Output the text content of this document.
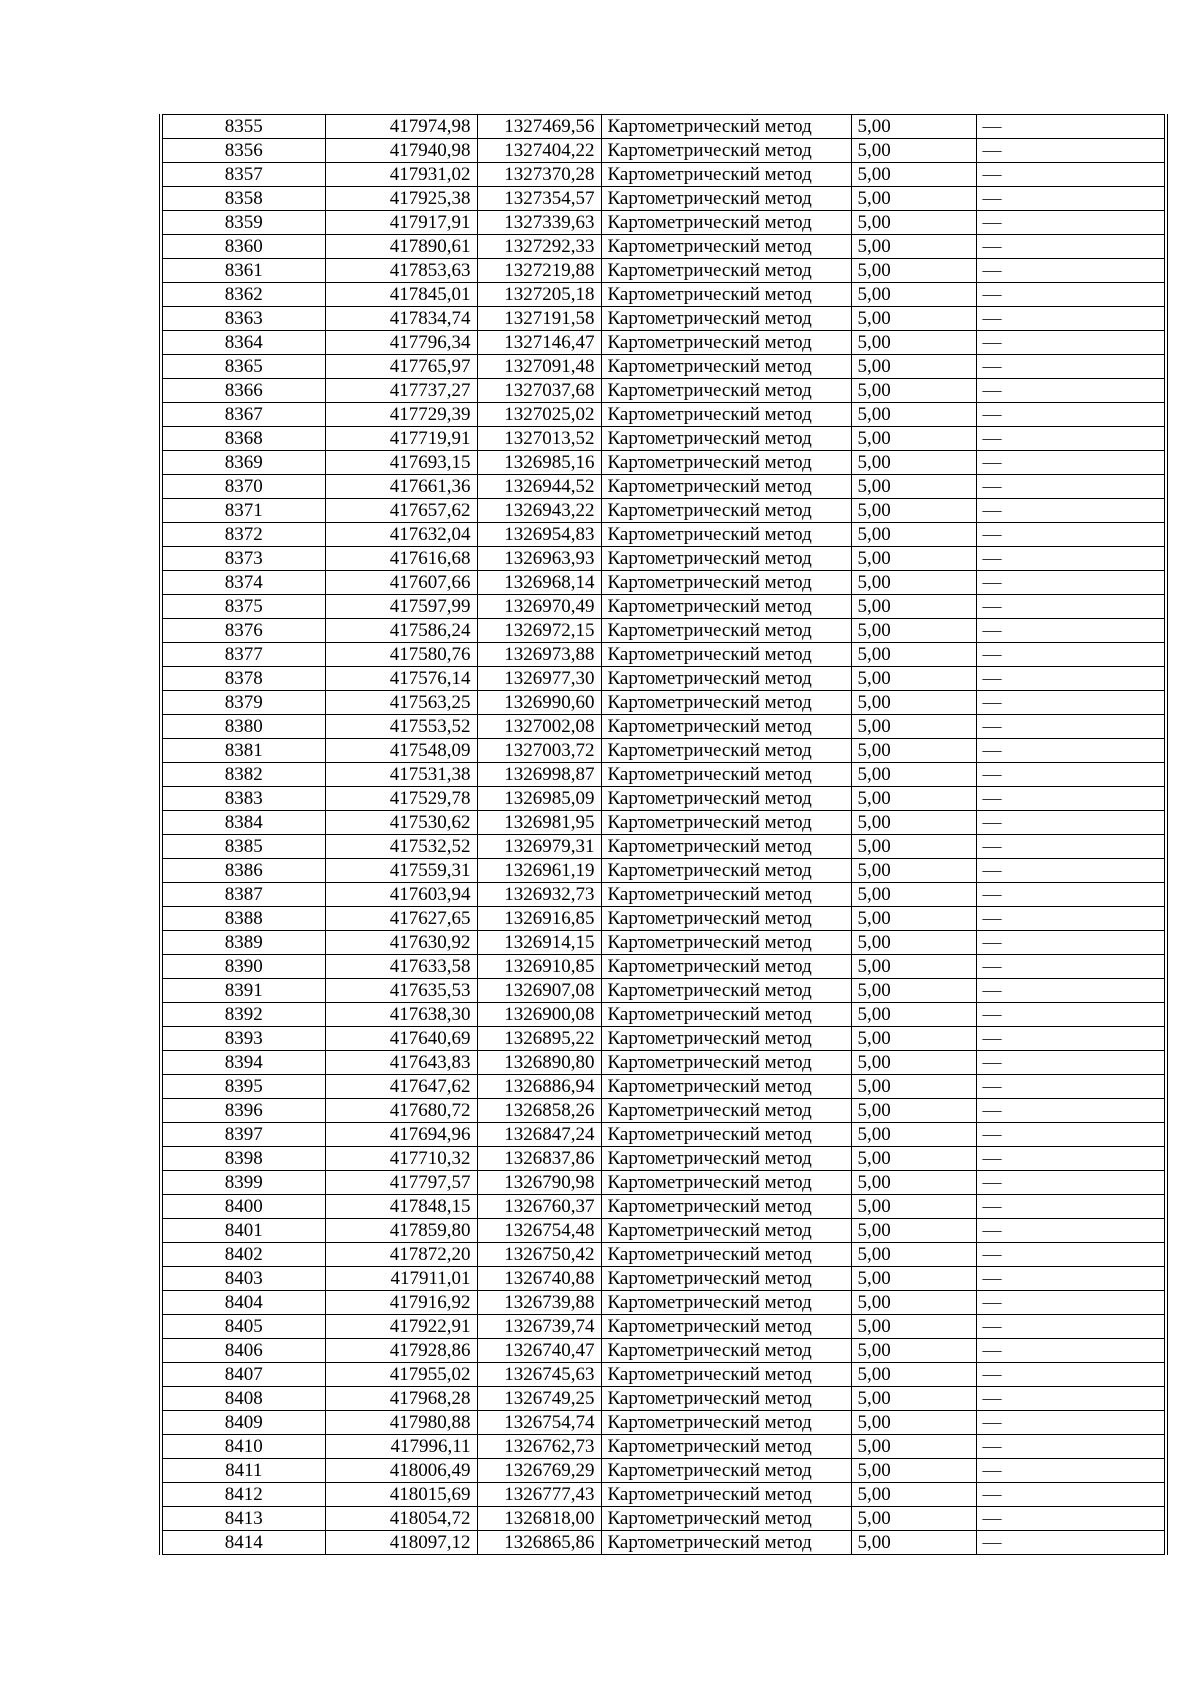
8355	417974,98	1327469,56	Картометрический метод	5,00	—
8356	417940,98	1327404,22	Картометрический метод	5,00	—
8357	417931,02	1327370,28	Картометрический метод	5,00	—
8358	417925,38	1327354,57	Картометрический метод	5,00	—
8359	417917,91	1327339,63	Картометрический метод	5,00	—
8360	417890,61	1327292,33	Картометрический метод	5,00	—
8361	417853,63	1327219,88	Картометрический метод	5,00	—
8362	417845,01	1327205,18	Картометрический метод	5,00	—
8363	417834,74	1327191,58	Картометрический метод	5,00	—
8364	417796,34	1327146,47	Картометрический метод	5,00	—
8365	417765,97	1327091,48	Картометрический метод	5,00	—
8366	417737,27	1327037,68	Картометрический метод	5,00	—
8367	417729,39	1327025,02	Картометрический метод	5,00	—
8368	417719,91	1327013,52	Картометрический метод	5,00	—
8369	417693,15	1326985,16	Картометрический метод	5,00	—
8370	417661,36	1326944,52	Картометрический метод	5,00	—
8371	417657,62	1326943,22	Картометрический метод	5,00	—
8372	417632,04	1326954,83	Картометрический метод	5,00	—
8373	417616,68	1326963,93	Картометрический метод	5,00	—
8374	417607,66	1326968,14	Картометрический метод	5,00	—
8375	417597,99	1326970,49	Картометрический метод	5,00	—
8376	417586,24	1326972,15	Картометрический метод	5,00	—
8377	417580,76	1326973,88	Картометрический метод	5,00	—
8378	417576,14	1326977,30	Картометрический метод	5,00	—
8379	417563,25	1326990,60	Картометрический метод	5,00	—
8380	417553,52	1327002,08	Картометрический метод	5,00	—
8381	417548,09	1327003,72	Картометрический метод	5,00	—
8382	417531,38	1326998,87	Картометрический метод	5,00	—
8383	417529,78	1326985,09	Картометрический метод	5,00	—
8384	417530,62	1326981,95	Картометрический метод	5,00	—
8385	417532,52	1326979,31	Картометрический метод	5,00	—
8386	417559,31	1326961,19	Картометрический метод	5,00	—
8387	417603,94	1326932,73	Картометрический метод	5,00	—
8388	417627,65	1326916,85	Картометрический метод	5,00	—
8389	417630,92	1326914,15	Картометрический метод	5,00	—
8390	417633,58	1326910,85	Картометрический метод	5,00	—
8391	417635,53	1326907,08	Картометрический метод	5,00	—
8392	417638,30	1326900,08	Картометрический метод	5,00	—
8393	417640,69	1326895,22	Картометрический метод	5,00	—
8394	417643,83	1326890,80	Картометрический метод	5,00	—
8395	417647,62	1326886,94	Картометрический метод	5,00	—
8396	417680,72	1326858,26	Картометрический метод	5,00	—
8397	417694,96	1326847,24	Картометрический метод	5,00	—
8398	417710,32	1326837,86	Картометрический метод	5,00	—
8399	417797,57	1326790,98	Картометрический метод	5,00	—
8400	417848,15	1326760,37	Картометрический метод	5,00	—
8401	417859,80	1326754,48	Картометрический метод	5,00	—
8402	417872,20	1326750,42	Картометрический метод	5,00	—
8403	417911,01	1326740,88	Картометрический метод	5,00	—
8404	417916,92	1326739,88	Картометрический метод	5,00	—
8405	417922,91	1326739,74	Картометрический метод	5,00	—
8406	417928,86	1326740,47	Картометрический метод	5,00	—
8407	417955,02	1326745,63	Картометрический метод	5,00	—
8408	417968,28	1326749,25	Картометрический метод	5,00	—
8409	417980,88	1326754,74	Картометрический метод	5,00	—
8410	417996,11	1326762,73	Картометрический метод	5,00	—
8411	418006,49	1326769,29	Картометрический метод	5,00	—
8412	418015,69	1326777,43	Картометрический метод	5,00	—
8413	418054,72	1326818,00	Картометрический метод	5,00	—
8414	418097,12	1326865,86	Картометрический метод	5,00	—
